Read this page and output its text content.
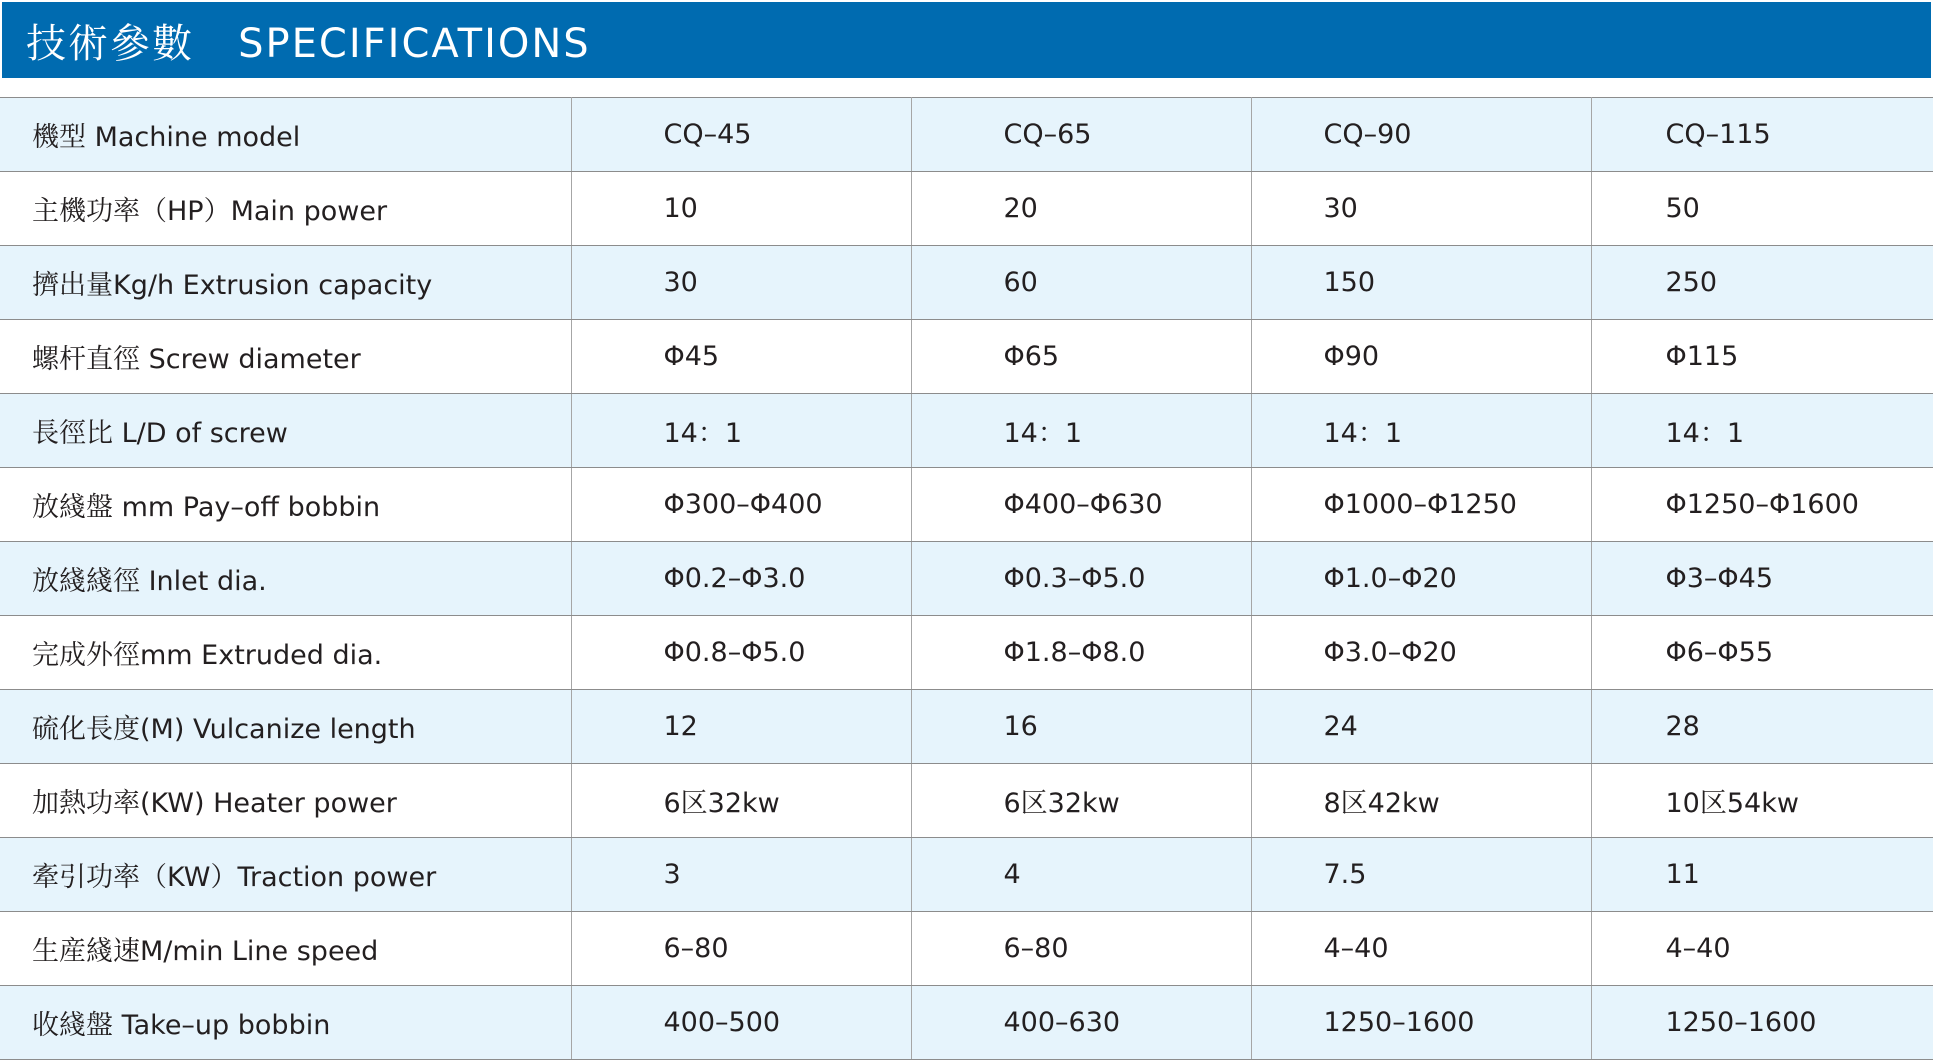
技術參數   SPECIFICATIONS
機型 Machine model	CQ–45	CQ–65	CQ–90	CQ–115
主機功率（HP）Main power	10	20	30	50
擠出量Kg/h Extrusion capacity	30	60	150	250
螺杆直徑 Screw diameter	Φ45	Φ65	Φ90	Φ115
長徑比 L/D of screw	14：1	14：1	14：1	14：1
放綫盤 mm Pay–off bobbin	Φ300–Φ400	Φ400–Φ630	Φ1000–Φ1250	Φ1250–Φ1600
放綫綫徑 Inlet dia.	Φ0.2–Φ3.0	Φ0.3–Φ5.0	Φ1.0–Φ20	Φ3–Φ45
完成外徑mm Extruded dia.	Φ0.8–Φ5.0	Φ1.8–Φ8.0	Φ3.0–Φ20	Φ6–Φ55
硫化長度(M) Vulcanize length	12	16	24	28
加熱功率(KW) Heater power	6区32kw	6区32kw	8区42kw	10区54kw
牽引功率（KW）Traction power	3	4	7.5	11
生産綫速M/min Line speed	6–80	6–80	4–40	4–40
收綫盤 Take–up bobbin	400–500	400–630	1250–1600	1250–1600
